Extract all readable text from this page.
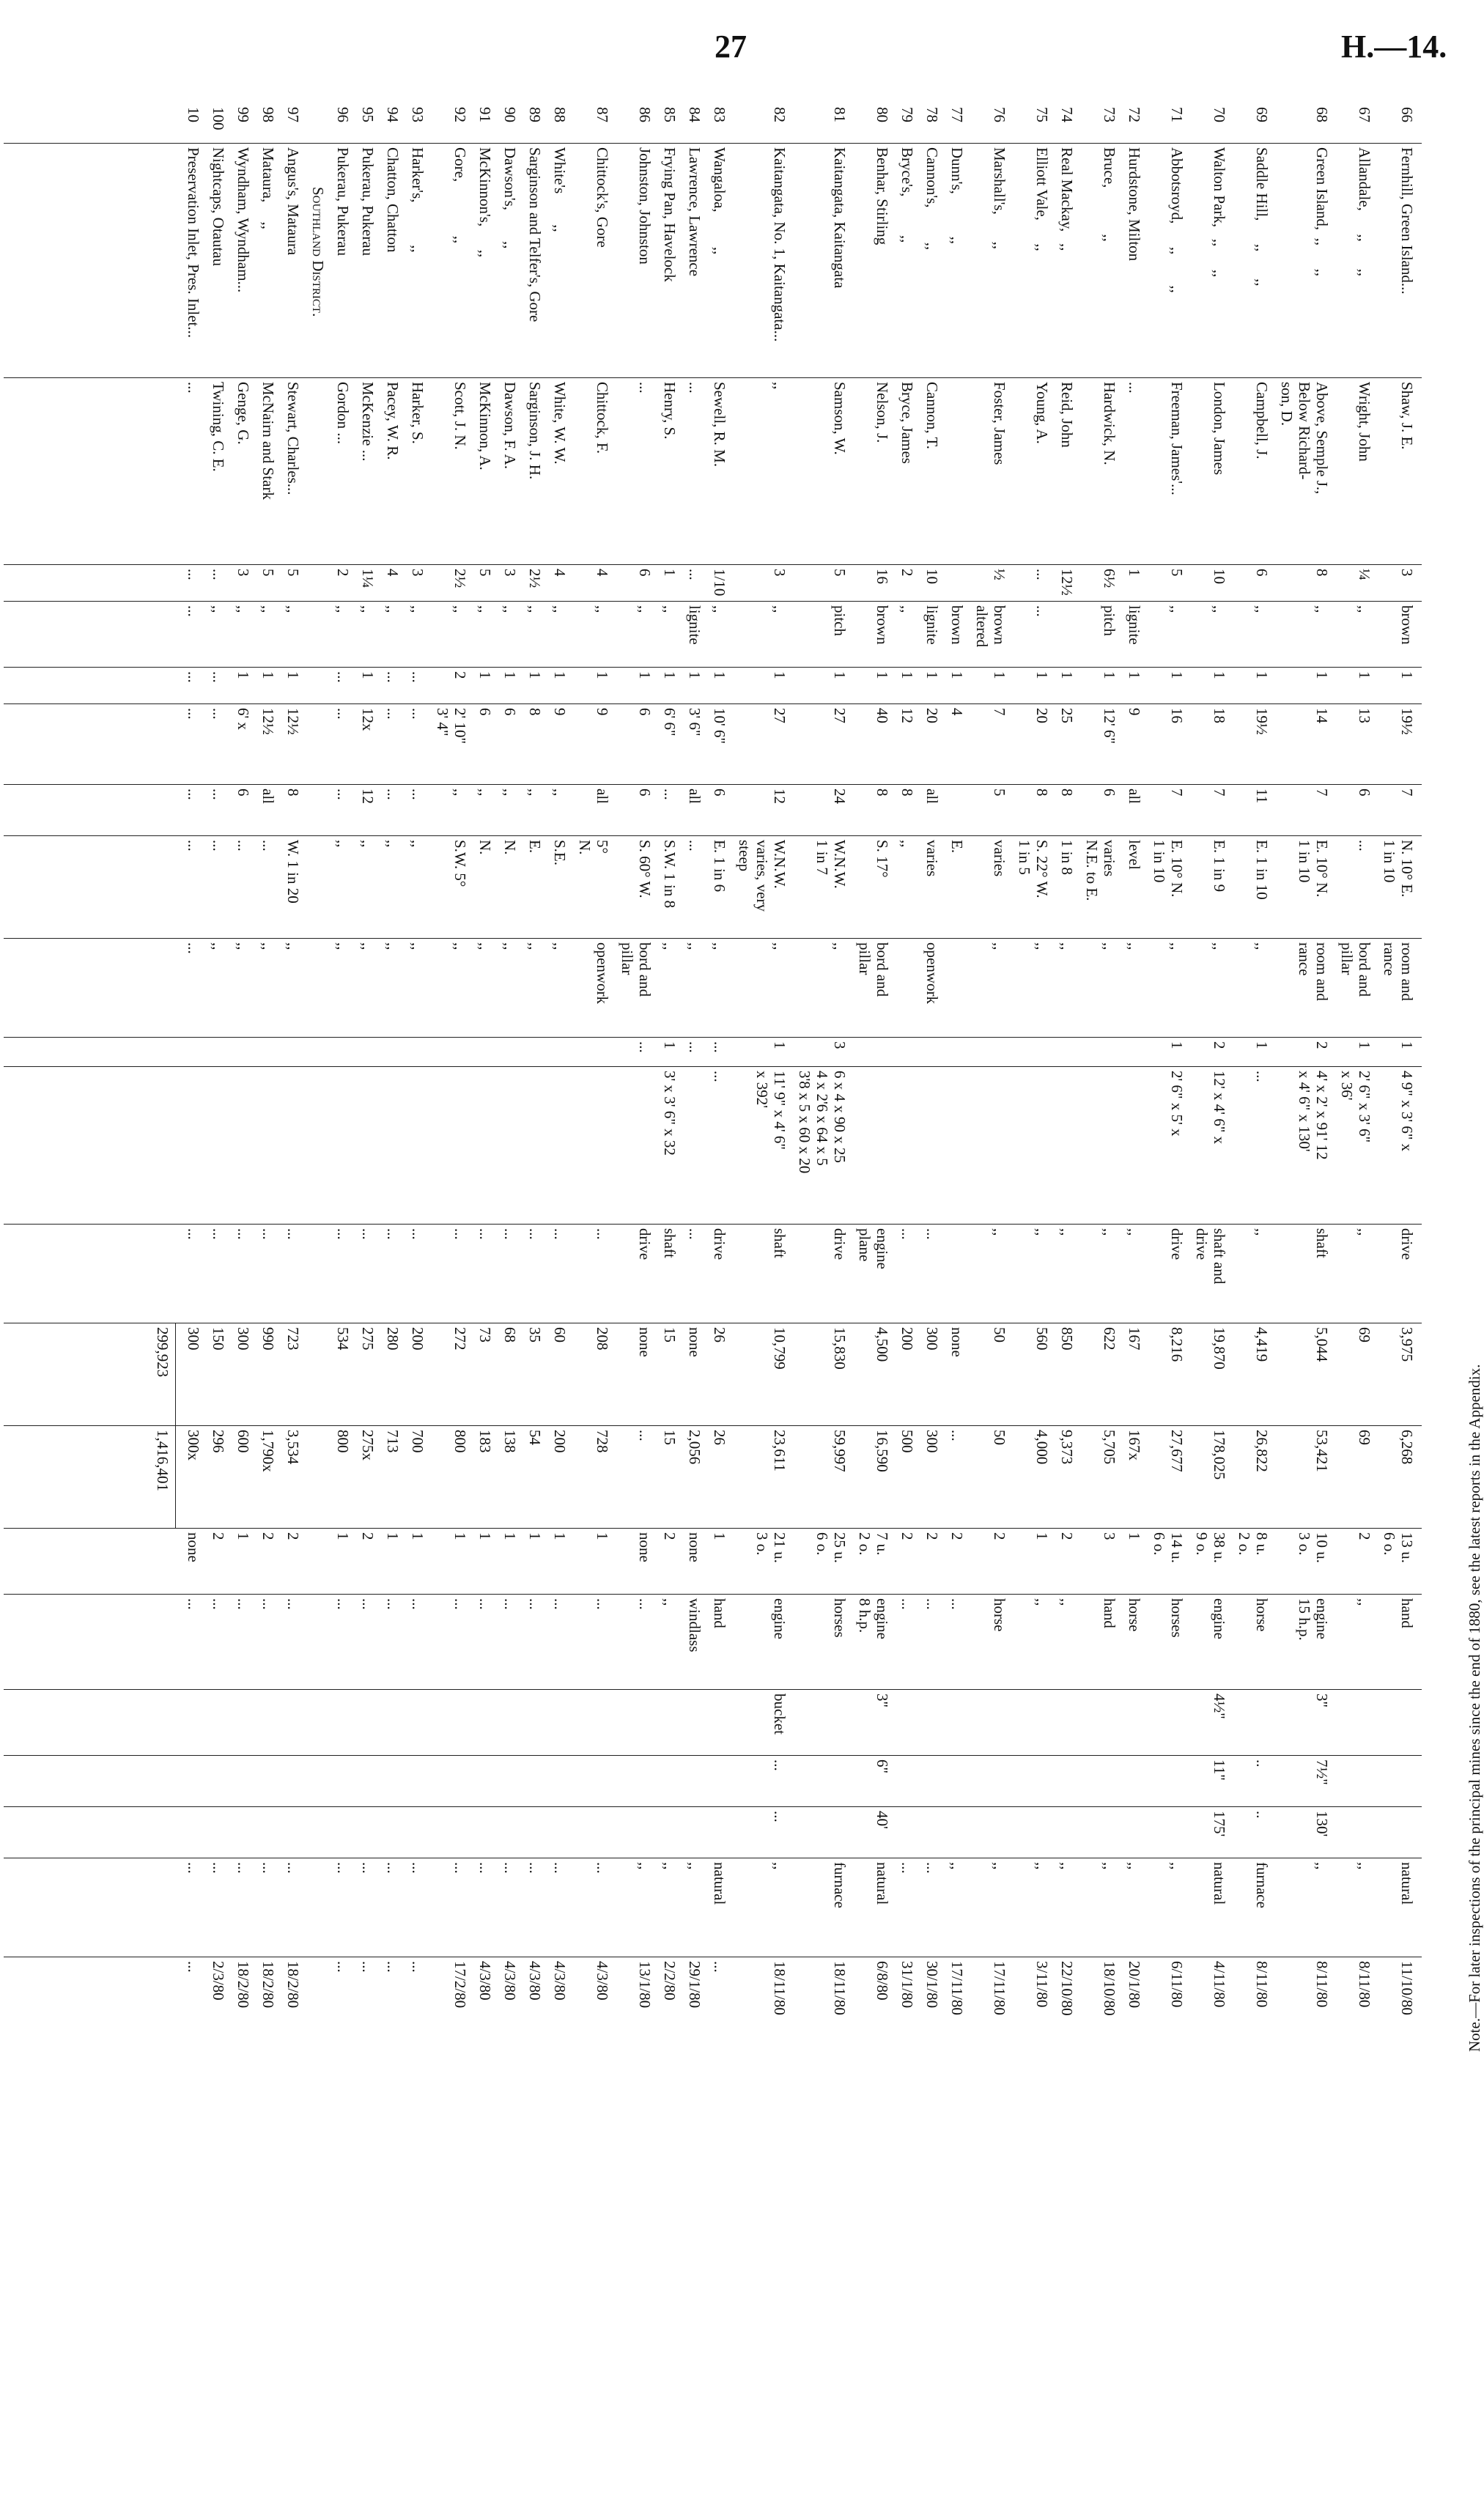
27	H.—14.
66
Fernhill, Green Island...
Shaw, J. E.
3
brown
1
19½
7
N. 10° E.
1 in 10
room and
rance
1
4 9" x 3' 6" x
drive
3,975
6,268
13 u.
6 o.
hand
natural
11/10/80
67
Allandale,      ,,       ,,
Wright, John
¼
,,
1
13
6
...
bord and
pillar
1
2' 6" x 3' 6"
x 36'
,,
69
69
2
,,
,,
8/11/80
68
Green Island,  ,,      ,,
Above, Semple J.,
Below Richard-
son, D.
8
,,
1
14
7
E. 10° N.
1 in 10
room and
rance
2
4' x 2' x 91' 12
x 4' 6" x 130'
shaft
5,044
53,421
10 u.
3 o.
engine
15 h.p.
3"
7½"
130'
,,
8/11/80
69
Saddle Hill,      ,,       ,,
Campbell, J.
6
,,
1
19½
11
E. 1 in 10
,,
1
...
,,
4,419
26,822
8 u.
2 o.
horse
..
..
furnace
8/11/80
70
Walton Park,   ,,      ,,
London, James
10
,,
1
18
7
E. 1 in 9
,,
2
12' x 4' 6" x
shaft and
drive
19,870
178,025
38 u.
9 o.
engine
4½"
11"
175'
natural
4/11/80
71
Abbotsroyd,      ,,        ,,
Freeman, James'...
5
,,
1
16
7
E. 10° N.
1 in 10
,,
1
2' 6" x 5' x
drive
8,216
27,677
14 u.
6 o.
horses
,,
6/11/80
72
Hurdstone, Milton
...
1
lignite
1
9
all
level
,,
,,
167
167x
1
horse
,,
20/1/80
73
Bruce,            ,,
Hardwick, N.
6½
pitch
1
12' 6"
6
varies
N.E. to E.
,,
,,
622
5,705
3
hand
,,
18/10/80
74
Real Mackay,   ,,
Reid, John
12½
1
25
8
1 in 8
,,
,,
850
9,373
2
,,
,,
22/10/80
75
Elliott Vale,      ,,
Young, A.
...
...
1
20
8
S. 22° W.
1 in 5
,,
,,
560
4,000
1
,,
,,
3/11/80
76
Marshall's,       ,,
Foster, James
½
brown
altered
1
7
5
varies
,,
,,
50
50
2
horse
,,
17/11/80
77
Dunn's,           ,,
brown
1
4
E.
none
...
2
...
,,
17/11/80
78
Cannon's,         ,,
Cannon, T.
10
lignite
1
20
all
varies
openwork
...
300
300
2
...
...
30/1/80
79
Bryce's,          ,,
Bryce, James
2
,,
1
12
8
,,
...
200
500
2
...
...
31/1/80
80
Benhar, Stirling
Nelson, J.
16
brown
1
40
8
S. 17°
bord and
pillar
engine
plane
4,500
16,590
7 u.
2 o.
engine
8 h.p.
3"
6"
40'
natural
6/8/80
81
Kaitangata, Kaitangata
Samson, W.
5
pitch
1
27
24
W.N.W.
1 in 7
,,
3
6 x 4 x 90 x 25
4 x 2'6 x 64 x 5
3'8 x 5 x 60 x 20
drive
15,830
59,997
25 u.
6 o.
horses
furnace
18/11/80
82
Kaitangata, No. 1, Kaitangata...
,,
3
,,
1
27
12
W.N.W.
varies, very
steep
,,
1
11' 9" x 4' 6"
x 392'
shaft
10,799
23,611
21 u.
3 o.
engine
bucket
...
...
,,
18/11/80
83
Wangaloa,         ,,
Sewell, R. M.
1/10
,,
1
10' 6"
6
E. 1 in 6
,,
...
...
drive
26
26
1
hand
natural
...
84
Lawrence, Lawrence
...
...
lignite
1
3' 6"
all
...
,,
...
...
none
2,056
none
windlass
,,
29/1/80
85
Frying Pan, Havelock
Henry, S.
1
,,
1
6' 6"
...
S.W. 1 in 8
,,
1
3' x 3' 6" x 32
shaft
15
15
2
,,
,,
2/2/80
86
Johnston, Johnston
...
6
,,
1
6
6
S. 60° W.
bord and
pillar
...
drive
none
...
none
...
,,
13/1/80
87
Chittock's, Gore
Chittock, F.
4
,,
1
9
all
5°
N.
openwork
...
208
728
1
...
...
4/3/80
88
White's        ,,
White, W. W.
4
,,
1
9
,,
S.E.
,,
...
60
200
1
...
...
4/3/80
89
Sarginson and Telfer's, Gore
Sarginson, J. H.
2½
,,
1
8
,,
E.
,,
...
35
54
1
...
...
4/3/80
90
Dawson's,        ,,
Dawson, F. A.
3
,,
1
6
,,
N.
,,
...
68
138
1
...
...
4/3/80
91
McKinnon's,      ,,
McKinnon, A.
5
,,
1
6
,,
N.
,,
...
73
183
1
...
...
4/3/80
92
Gore,              ,,
Scott, J. N.
2½
,,
2
2' 10"
3' 4"
,,
S.W. 5°
,,
...
272
800
1
...
...
17/2/80
93
Harker's,           ,,
Harker, S.
3
,,
...
...
...
,,
,,
...
200
700
1
...
...
...
94
Chatton, Chatton
Pacey, W. R.
4
,,
...
...
...
,,
,,
...
280
713
1
...
...
...
95
Pukerau, Pukerau
McKenzie ...
1¼
,,
1
12x
12
,,
,,
...
275
275x
2
...
...
...
96
Pukerau, Pukerau
Gordon ...
2
,,
...
...
...
,,
,,
...
534
800
1
...
...
...
Southland District.
97
Angus's, Mataura
Stewart, Charles...
5
,,
1
12½
8
W. 1 in 20
,,
...
723
3,534
2
...
...
18/2/80
98
Mataura,     ,,
McNairn and Stark
5
,,
1
12½
all
...
,,
...
990
1,790x
2
...
...
18/2/80
99
Wyndham, Wyndham...
Genge, G.
3
,,
1
6' x
6
...
,,
...
300
600
1
...
...
18/2/80
100
Nightcaps, Otautau
Twining, C. E.
...
,,
...
...
...
...
,,
...
150
296
2
...
...
2/3/80
10
Preservation Inlet, Pres. Inlet...
...
...
...
...
...
...
...
...
...
300
300x
none
...
...
...
299,923
1,416,401	Note.—For later inspections of the principal mines since the end of 1880, see the latest reports in the Appendix.
